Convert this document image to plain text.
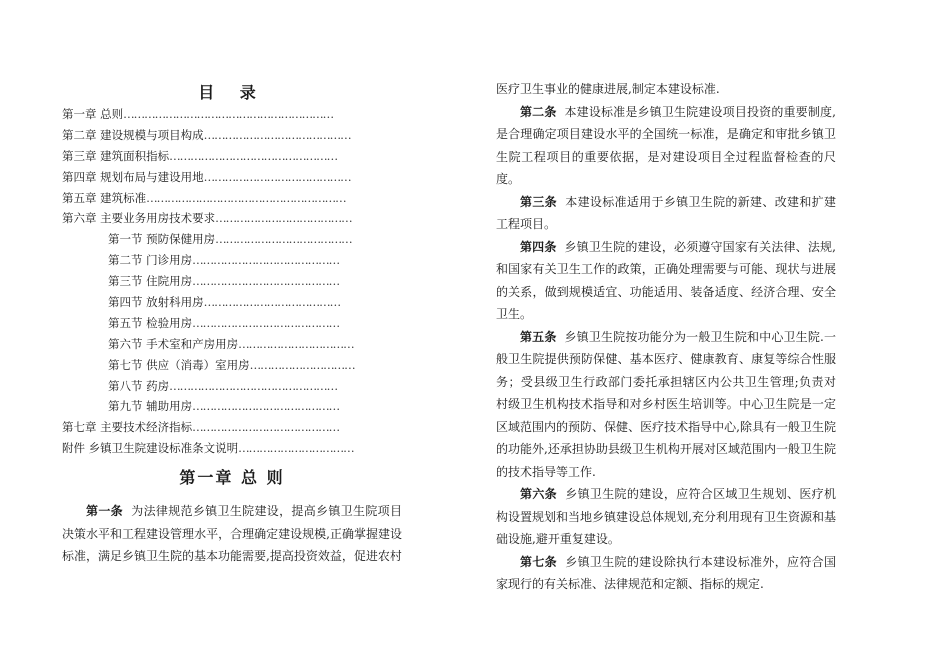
目 录
第一章 总则……………………………………………………
第二章 建设规模与项目构成……………………………………
第三章 建筑面积指标…………………………………………
第四章 规划布局与建设用地……………………………………
第五章 建筑标准…………………………………………………
第六章 主要业务用房技术要求…………………………………
第一节 预防保健用房…………………………………
第二节 门诊用房……………………………………
第三节 住院用房……………………………………
第四节 放射科用房…………………………………
第五节 检验用房……………………………………
第六节 手术室和产房用房……………………………
第七节 供应（消毒）室用房…………………………
第八节 药房…………………………………………
第九节 辅助用房……………………………………
第七章 主要技术经济指标……………………………………
附件 乡镇卫生院建设标准条文说明……………………………
第一章 总 则

第一条 为法律规范乡镇卫生院建设，提高乡镇卫生院项目决策水平和工程建设管理水平，合理确定建设规模,正确掌握建设标准，满足乡镇卫生院的基本功能需要,提高投资效益，促进农村

医疗卫生事业的健康进展,制定本建设标准.

第二条 本建设标准是乡镇卫生院建设项目投资的重要制度,是合理确定项目建设水平的全国统一标准，是确定和审批乡镇卫生院工程项目的重要依据，是对建设项目全过程监督检查的尺度。

第三条 本建设标准适用于乡镇卫生院的新建、改建和扩建工程项目。

第四条 乡镇卫生院的建设，必须遵守国家有关法律、法规,和国家有关卫生工作的政策，正确处理需要与可能、现状与进展的关系，做到规模适宜、功能适用、装备适度、经济合理、安全卫生。

第五条 乡镇卫生院按功能分为一般卫生院和中心卫生院.一般卫生院提供预防保健、基本医疗、健康教育、康复等综合性服务；受县级卫生行政部门委托承担辖区内公共卫生管理;负责对村级卫生机构技术指导和对乡村医生培训等。中心卫生院是一定区域范围内的预防、保健、医疗技术指导中心,除具有一般卫生院的功能外,还承担协助县级卫生机构开展对区域范围内一般卫生院的技术指导等工作.

第六条 乡镇卫生院的建设，应符合区域卫生规划、医疗机构设置规划和当地乡镇建设总体规划,充分利用现有卫生资源和基础设施,避开重复建设。

第七条 乡镇卫生院的建设除执行本建设标准外，应符合国家现行的有关标准、法律规范和定额、指标的规定.
